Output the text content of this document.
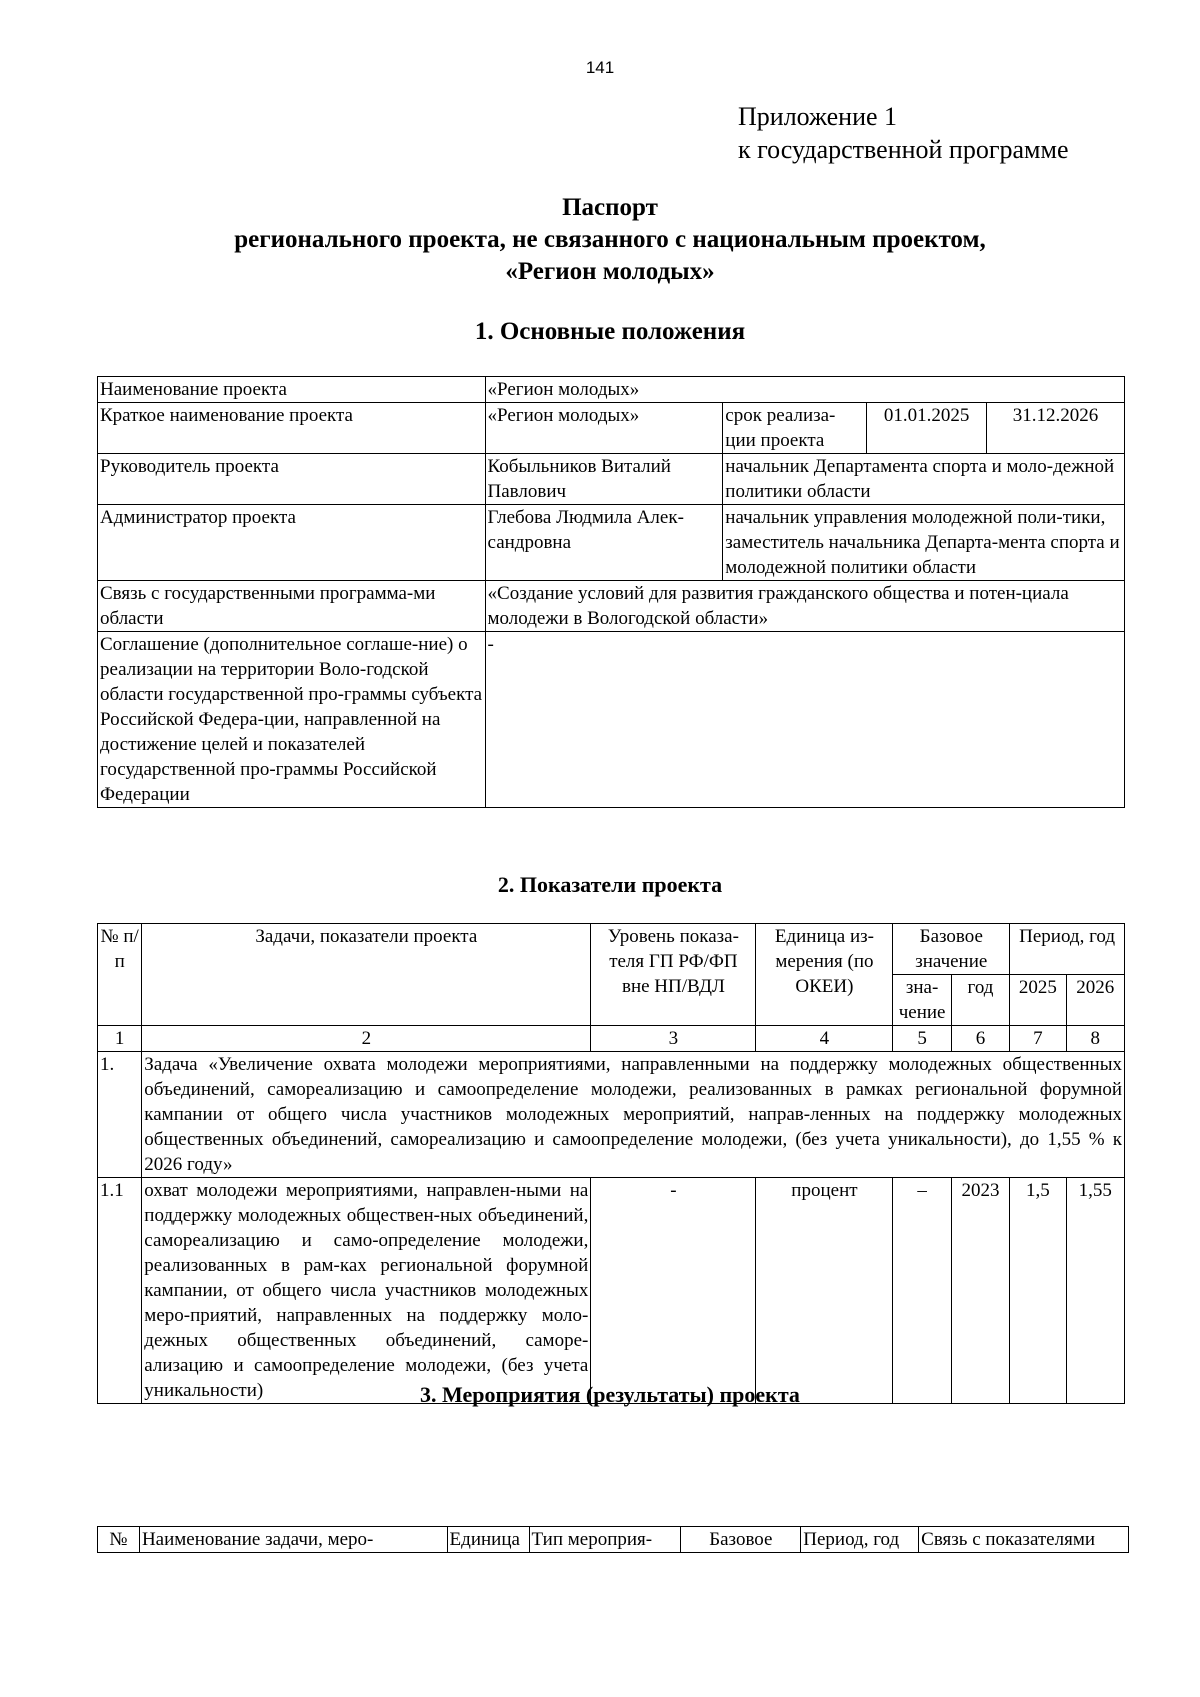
141
Приложение 1
к государственной программе
Паспорт
регионального проекта, не связанного с национальным проектом,
«Регион молодых»
1. Основные положения
Наименование проекта	«Регион молодых»			
Краткое наименование проекта	«Регион молодых»	срок реализа-ции проекта	01.01.2025	31.12.2026
Руководитель проекта	Кобыльников Виталий Павлович	начальник Департамента спорта и моло-дежной политики области		
Администратор проекта	Глебова Людмила Алек-сандровна	начальник управления молодежной поли-тики, заместитель начальника Департа-мента спорта и молодежной политики области		
Связь с государственными программа-ми области	«Создание условий для развития гражданского общества и потен-циала молодежи в Вологодской области»			
Соглашение (дополнительное соглаше-ние) о реализации на территории Воло-годской области государственной про-граммы субъекта Российской Федера-ции, направленной на достижение целей и показателей государственной про-граммы Российской Федерации	-			
2. Показатели проекта
№ п/п	Задачи, показатели проекта	Уровень показа-теля ГП РФ/ФП вне НП/ВДЛ	Единица из-мерения (по ОКЕИ)	Базовое значение		Период, год	
				зна-чение	год	2025	2026
1	2	3	4	5	6	7	8
1.	Задача «Увеличение охвата молодежи мероприятиями, направленными на поддержку молодежных общественных объединений, самореализацию и самоопределение молодежи, реализованных в рамках региональной форумной кампании от общего числа участников молодежных мероприятий, направ-ленных на поддержку молодежных общественных объединений, самореализацию и самоопределение молодежи, (без учета уникальности), до 1,55 % к 2026 году»						
1.1	охват молодежи мероприятиями, направлен-ными на поддержку молодежных обществен-ных объединений, самореализацию и само-определение молодежи, реализованных в рам-ках региональной форумной кампании, от общего числа участников молодежных меро-приятий, направленных на поддержку моло-дежных общественных объединений, саморе-ализацию и самоопределение молодежи, (без учета уникальности)	-	процент	–	2023	1,5	1,55
3. Мероприятия (результаты) проекта
№	Наименование задачи, меро-	Единица	Тип мероприя-	Базовое	Период, год	Связь с показателями
